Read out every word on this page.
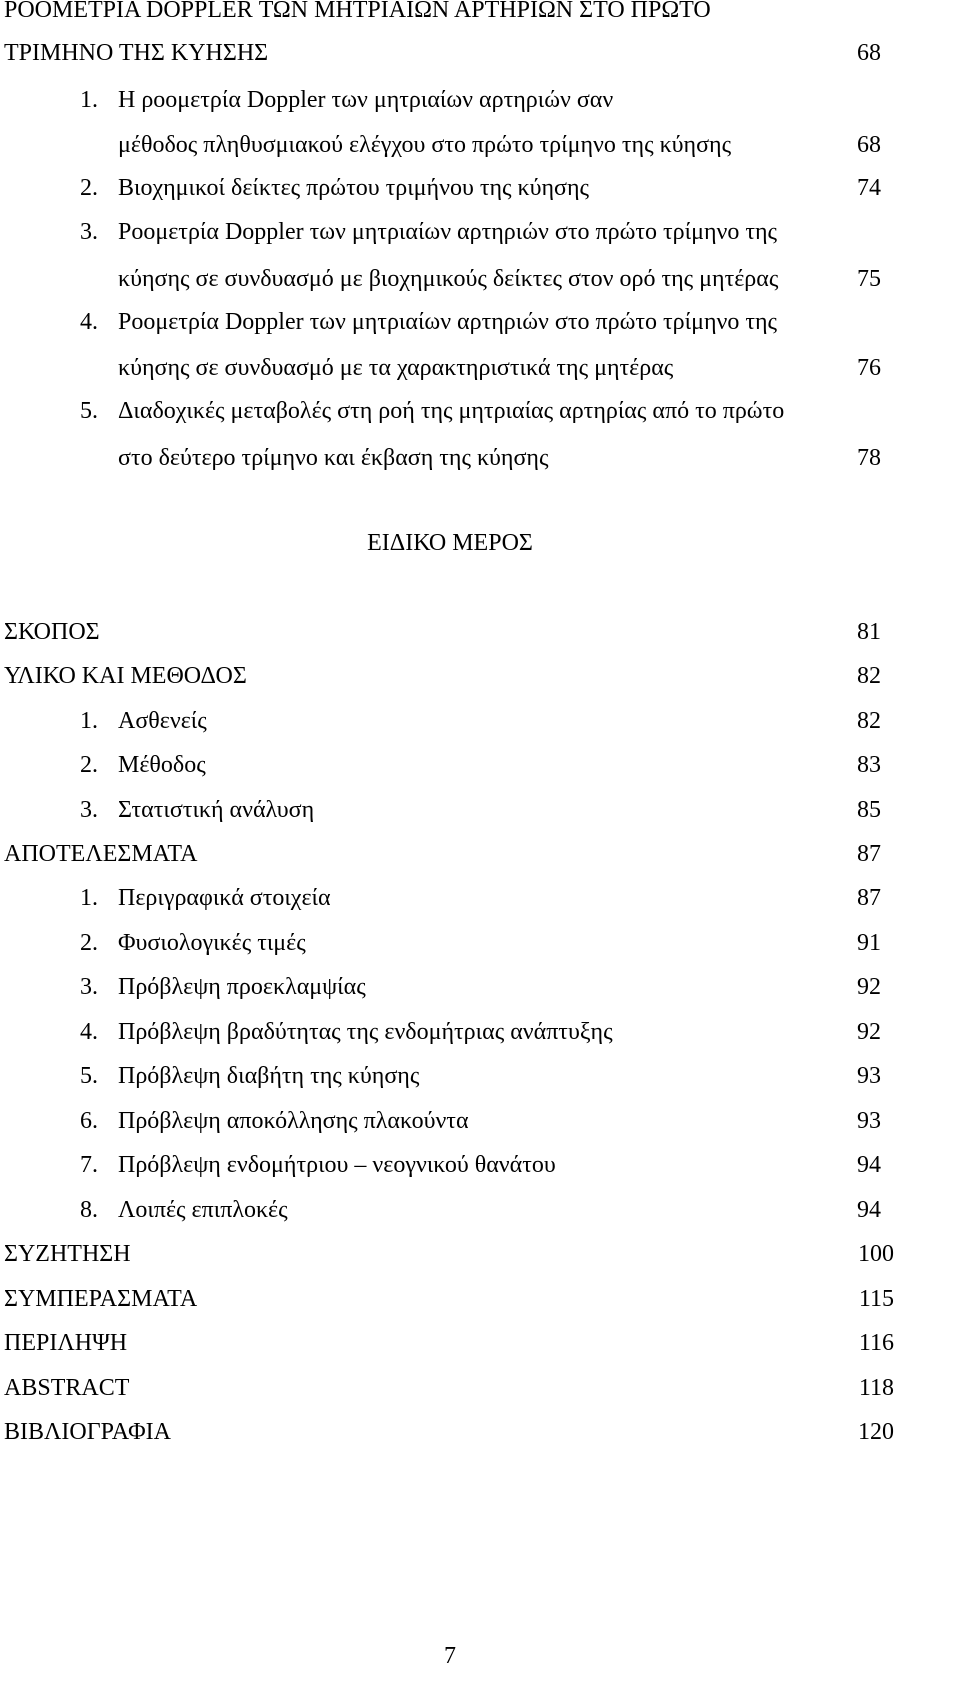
ΡΟΟΜΕΤΡΙΑ DOPPLER ΤΩΝ ΜΗΤΡΙΑΙΩΝ ΑΡΤΗΡΙΩΝ ΣΤΟ ΠΡΩΤΟ
ΤΡΙΜΗΝΟ ΤΗΣ ΚΥΗΣΗΣ	68
1. Η ροομετρία Doppler των μητριαίων αρτηριών σαν
μέθοδος πληθυσμιακού ελέγχου στο πρώτο τρίμηνο της κύησης	68
2. Βιοχημικοί δείκτες πρώτου τριμήνου της κύησης	74
3. Ροομετρία Doppler των μητριαίων αρτηριών στο πρώτο τρίμηνο της
κύησης σε συνδυασμό με βιοχημικούς δείκτες στον ορό της μητέρας	75
4. Ροομετρία Doppler των μητριαίων αρτηριών στο πρώτο τρίμηνο της
κύησης σε συνδυασμό με τα χαρακτηριστικά της μητέρας	76
5. Διαδοχικές μεταβολές στη ροή της μητριαίας αρτηρίας από το πρώτο
στο δεύτερο τρίμηνο και έκβαση της κύησης	78
ΕΙΔΙΚΟ ΜΕΡΟΣ
ΣΚΟΠΟΣ	81
ΥΛΙΚΟ ΚΑΙ ΜΕΘΟΔΟΣ	82
1. Ασθενείς	82
2. Μέθοδος	83
3. Στατιστική ανάλυση	85
ΑΠΟΤΕΛΕΣΜΑΤΑ	87
1. Περιγραφικά στοιχεία	87
2. Φυσιολογικές τιμές	91
3. Πρόβλεψη προεκλαμψίας	92
4. Πρόβλεψη βραδύτητας της ενδομήτριας ανάπτυξης	92
5. Πρόβλεψη διαβήτη της κύησης	93
6. Πρόβλεψη αποκόλλησης πλακούντα	93
7. Πρόβλεψη ενδομήτριου – νεογνικού θανάτου	94
8. Λοιπές επιπλοκές	94
ΣΥΖΗΤΗΣΗ	100
ΣΥΜΠΕΡΑΣΜΑΤΑ	115
ΠΕΡΙΛΗΨΗ	116
ABSTRACT	118
ΒΙΒΛΙΟΓΡΑΦΙΑ	120
7
